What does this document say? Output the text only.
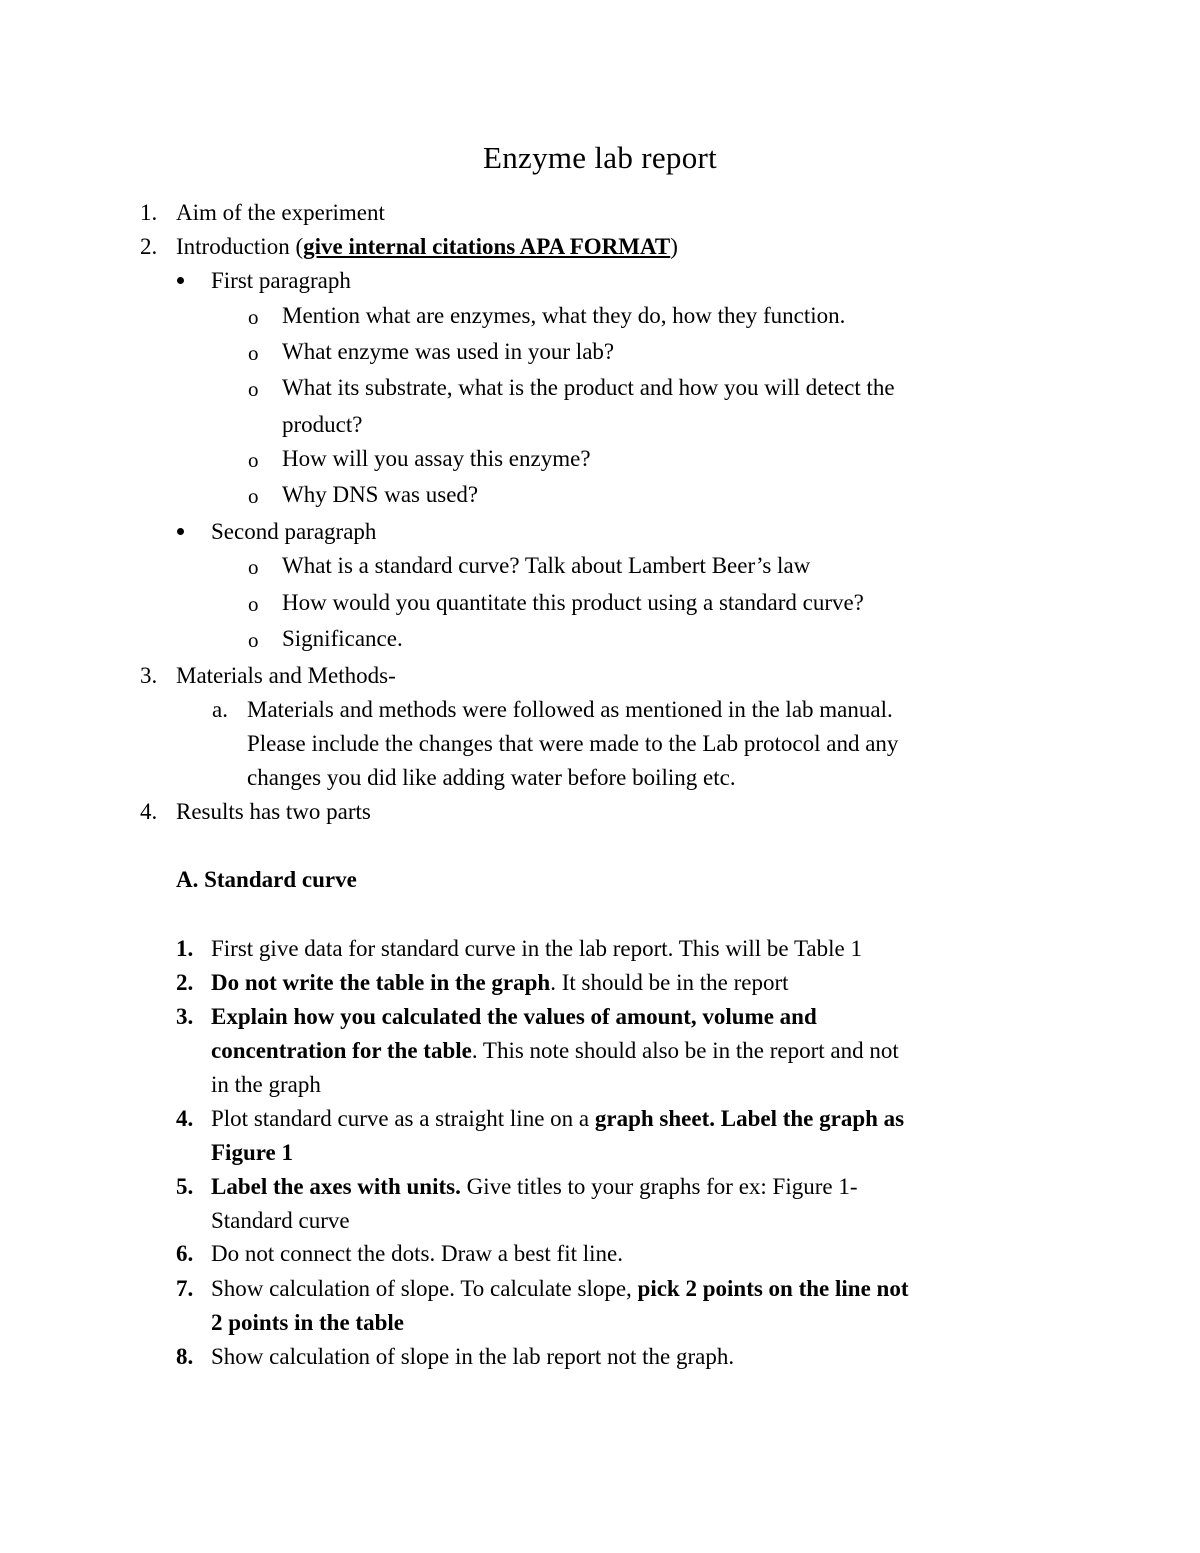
Enzyme lab report
1. Aim of the experiment
2. Introduction (give internal citations APA FORMAT)
First paragraph
o Mention what are enzymes, what they do, how they function.
o What enzyme was used in your lab?
o What its substrate, what is the product and how you will detect the
product?
o How will you assay this enzyme?
o Why DNS was used?
Second paragraph
o What is a standard curve? Talk about Lambert Beer’s law
o How would you quantitate this product using a standard curve?
o Significance.
3. Materials and Methods-
a. Materials and methods were followed as mentioned in the lab manual.
Please include the changes that were made to the Lab protocol and any
changes you did like adding water before boiling etc.
4. Results has two parts
A. Standard curve
1. First give data for standard curve in the lab report. This will be Table 1
2. Do not write the table in the graph. It should be in the report
3. Explain how you calculated the values of amount, volume and
concentration for the table. This note should also be in the report and not
in the graph
4. Plot standard curve as a straight line on a graph sheet. Label the graph as
Figure 1
5. Label the axes with units. Give titles to your graphs for ex: Figure 1-
Standard curve
6. Do not connect the dots. Draw a best fit line.
7. Show calculation of slope. To calculate slope, pick 2 points on the line not
2 points in the table
8. Show calculation of slope in the lab report not the graph.
